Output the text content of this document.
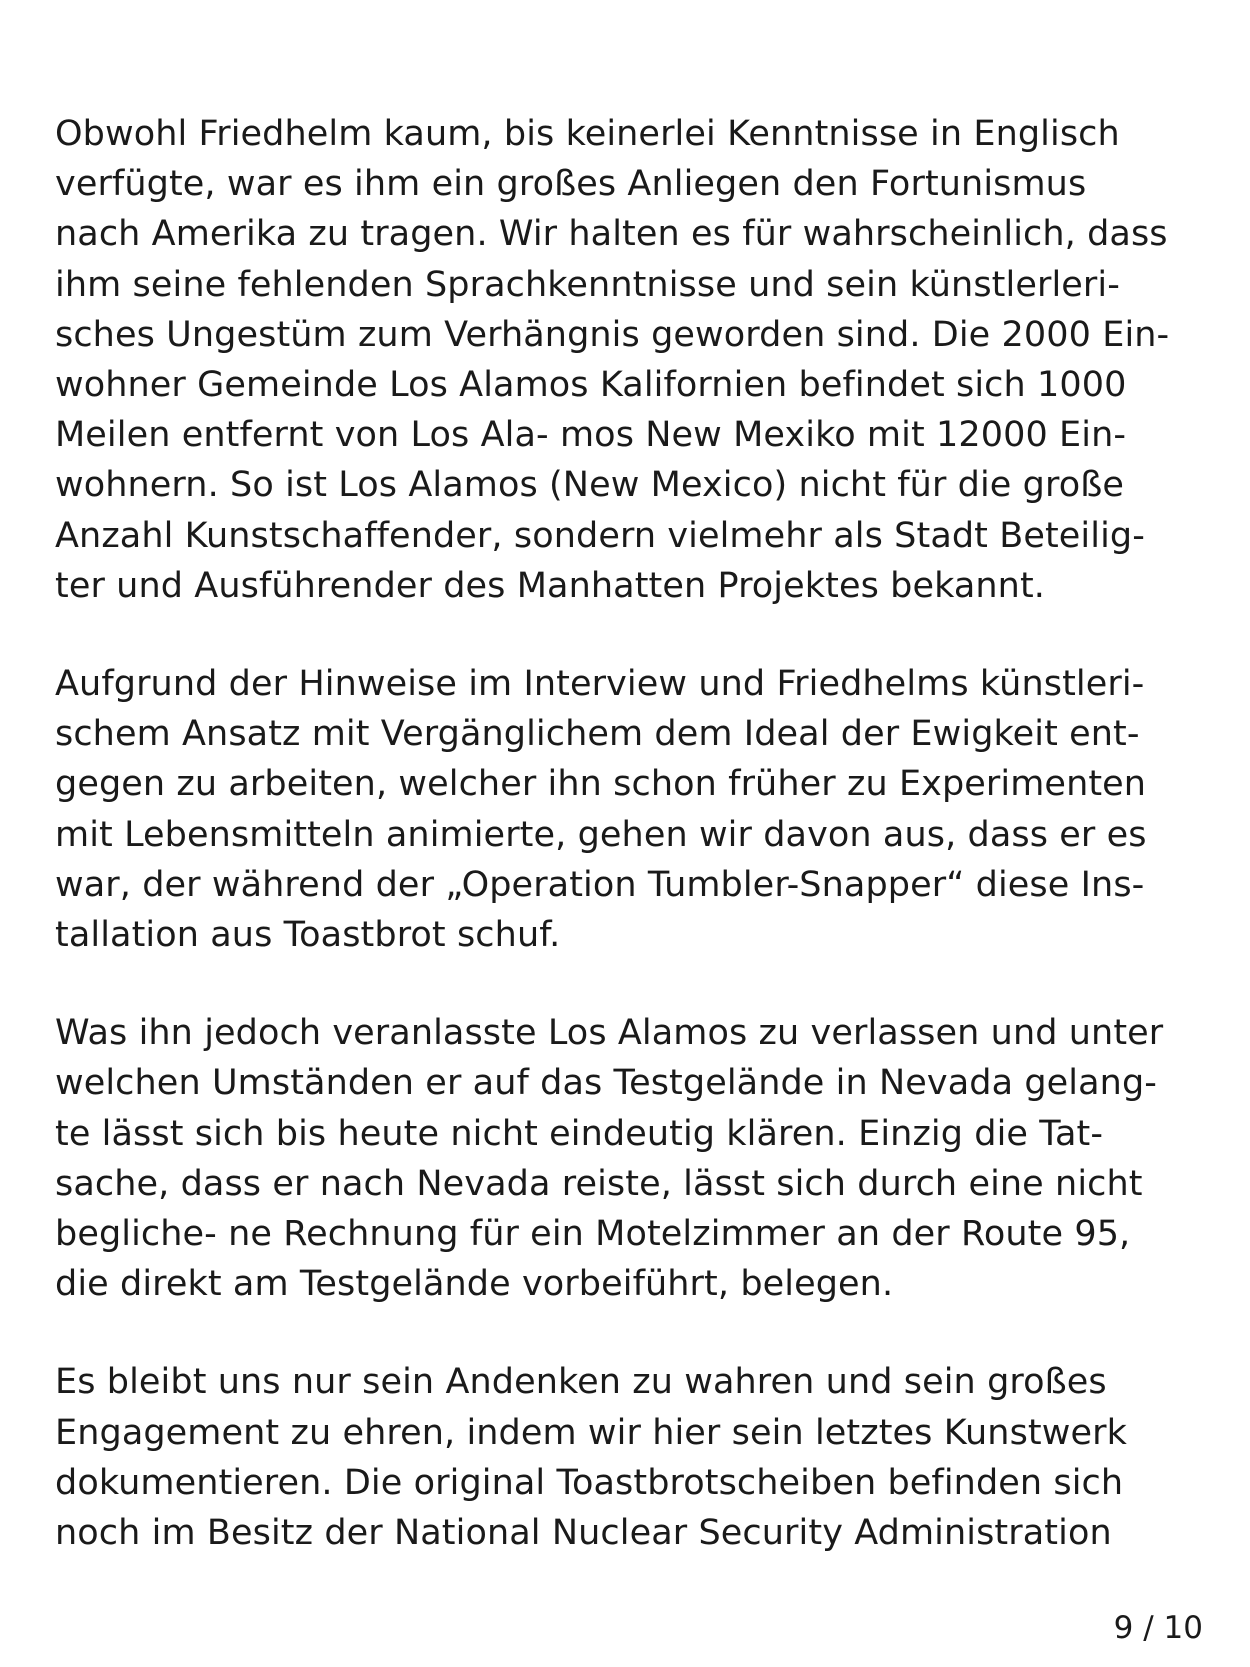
Obwohl Friedhelm kaum, bis keinerlei Kenntnisse in Englisch
verfügte, war es ihm ein großes Anliegen den Fortunismus
nach Amerika zu tragen. Wir halten es für wahrscheinlich, dass
ihm seine fehlenden Sprachkenntnisse und sein künstlerleri-
sches Ungestüm zum Verhängnis geworden sind. Die 2000 Ein-
wohner Gemeinde Los Alamos Kalifornien befindet sich 1000
Meilen entfernt von Los Ala- mos New Mexiko mit 12000 Ein-
wohnern. So ist Los Alamos (New Mexico) nicht für die große
Anzahl Kunstschaffender, sondern vielmehr als Stadt Beteilig-
ter und Ausführender des Manhatten Projektes bekannt.

Aufgrund der Hinweise im Interview und Friedhelms künstleri-
schem Ansatz mit Vergänglichem dem Ideal der Ewigkeit ent-
gegen zu arbeiten, welcher ihn schon früher zu Experimenten
mit Lebensmitteln animierte, gehen wir davon aus, dass er es
war, der während der „Operation Tumbler-Snapper“ diese Ins-
tallation aus Toastbrot schuf.

Was ihn jedoch veranlasste Los Alamos zu verlassen und unter
welchen Umständen er auf das Testgelände in Nevada gelang-
te lässt sich bis heute nicht eindeutig klären. Einzig die Tat-
sache, dass er nach Nevada reiste, lässt sich durch eine nicht
begliche- ne Rechnung für ein Motelzimmer an der Route 95,
die direkt am Testgelände vorbeiführt, belegen.

Es bleibt uns nur sein Andenken zu wahren und sein großes
Engagement zu ehren, indem wir hier sein letztes Kunstwerk
dokumentieren. Die original Toastbrotscheiben befinden sich
noch im Besitz der National Nuclear Security Administration

9 / 10
